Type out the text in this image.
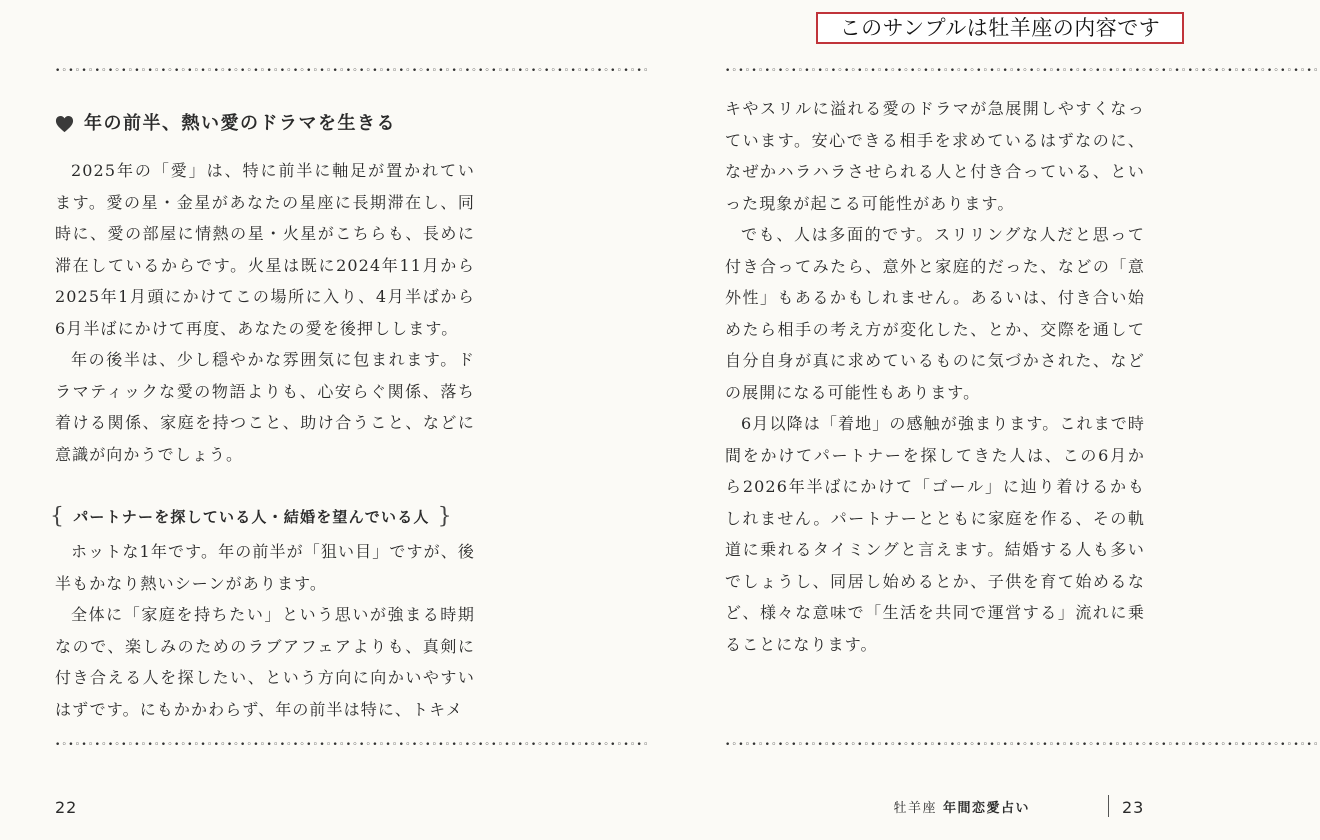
•◦•◦•◦•◦•◦•◦•◦•◦•◦•◦•◦•◦•◦•◦•◦•◦•◦•◦•◦•◦•◦•◦•◦•◦•◦•◦•◦•◦•◦•◦•◦•◦•◦•◦•◦•◦•◦•◦•◦•◦•◦•◦•◦•◦•◦
年の前半、熱い愛のドラマを生きる

2025年の「愛」は、特に前半に軸足が置かれています。愛の星・金星があなたの星座に長期滞在し、同時に、愛の部屋に情熱の星・火星がこちらも、長めに滞在しているからです。火星は既に2024年11月から2025年1月頭にかけてこの場所に入り、4月半ばから6月半ばにかけて再度、あなたの愛を後押しします。

年の後半は、少し穏やかな雰囲気に包まれます。ドラマティックな愛の物語よりも、心安らぐ関係、落ち着ける関係、家庭を持つこと、助け合うこと、などに意識が向かうでしょう。

{ パートナーを探している人・結婚を望んでいる人 }

ホットな1年です。年の前半が「狙い目」ですが、後半もかなり熱いシーンがあります。

全体に「家庭を持ちたい」という思いが強まる時期なので、楽しみのためのラブアフェアよりも、真剣に付き合える人を探したい、という方向に向かいやすいはずです。にもかかわらず、年の前半は特に、トキメ

•◦•◦•◦•◦•◦•◦•◦•◦•◦•◦•◦•◦•◦•◦•◦•◦•◦•◦•◦•◦•◦•◦•◦•◦•◦•◦•◦•◦•◦•◦•◦•◦•◦•◦•◦•◦•◦•◦•◦•◦•◦•◦•◦•◦•◦
22
このサンプルは牡羊座の内容です
•◦•◦•◦•◦•◦•◦•◦•◦•◦•◦•◦•◦•◦•◦•◦•◦•◦•◦•◦•◦•◦•◦•◦•◦•◦•◦•◦•◦•◦•◦•◦•◦•◦•◦•◦•◦•◦•◦•◦•◦•◦•◦•◦•◦•◦

キやスリルに溢れる愛のドラマが急展開しやすくなっています。安心できる相手を求めているはずなのに、なぜかハラハラさせられる人と付き合っている、といった現象が起こる可能性があります。

でも、人は多面的です。スリリングな人だと思って付き合ってみたら、意外と家庭的だった、などの「意外性」もあるかもしれません。あるいは、付き合い始めたら相手の考え方が変化した、とか、交際を通して自分自身が真に求めているものに気づかされた、などの展開になる可能性もあります。

6月以降は「着地」の感触が強まります。これまで時間をかけてパートナーを探してきた人は、この6月から2026年半ばにかけて「ゴール」に辿り着けるかもしれません。パートナーとともに家庭を作る、その軌道に乗れるタイミングと言えます。結婚する人も多いでしょうし、同居し始めるとか、子供を育て始めるなど、様々な意味で「生活を共同で運営する」流れに乗ることになります。

•◦•◦•◦•◦•◦•◦•◦•◦•◦•◦•◦•◦•◦•◦•◦•◦•◦•◦•◦•◦•◦•◦•◦•◦•◦•◦•◦•◦•◦•◦•◦•◦•◦•◦•◦•◦•◦•◦•◦•◦•◦•◦•◦•◦•◦
牡羊座 年間恋愛占い	23
